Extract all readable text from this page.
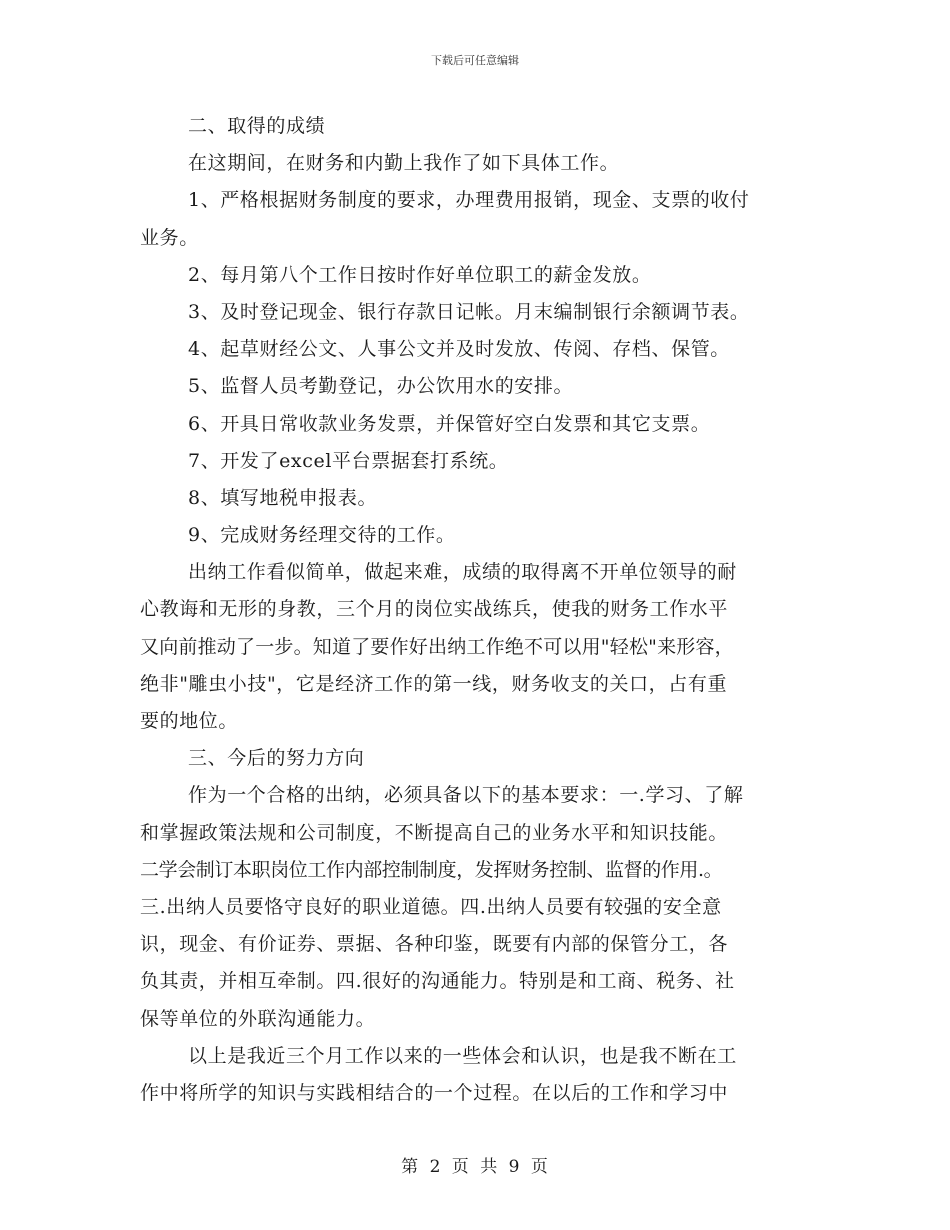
下载后可任意编辑
二、取得的成绩
在这期间，在财务和内勤上我作了如下具体工作。
1、严格根据财务制度的要求，办理费用报销，现金、支票的收付
业务。
2、每月第八个工作日按时作好单位职工的薪金发放。
3、及时登记现金、银行存款日记帐。月末编制银行余额调节表。
4、起草财经公文、人事公文并及时发放、传阅、存档、保管。
5、监督人员考勤登记，办公饮用水的安排。
6、开具日常收款业务发票，并保管好空白发票和其它支票。
7、开发了excel平台票据套打系统。
8、填写地税申报表。
9、完成财务经理交待的工作。
出纳工作看似简单，做起来难，成绩的取得离不开单位领导的耐
心教诲和无形的身教，三个月的岗位实战练兵，使我的财务工作水平
又向前推动了一步。知道了要作好出纳工作绝不可以用"轻松"来形容，
绝非"雕虫小技"，它是经济工作的第一线，财务收支的关口，占有重
要的地位。
三、今后的努力方向
作为一个合格的出纳，必须具备以下的基本要求：一.学习、了解
和掌握政策法规和公司制度，不断提高自己的业务水平和知识技能。
二学会制订本职岗位工作内部控制制度，发挥财务控制、监督的作用.。
三.出纳人员要恪守良好的职业道德。四.出纳人员要有较强的安全意
识，现金、有价证券、票据、各种印鉴，既要有内部的保管分工，各
负其责，并相互牵制。四.很好的沟通能力。特别是和工商、税务、社
保等单位的外联沟通能力。
以上是我近三个月工作以来的一些体会和认识，也是我不断在工
作中将所学的知识与实践相结合的一个过程。在以后的工作和学习中
第 2 页 共 9 页
